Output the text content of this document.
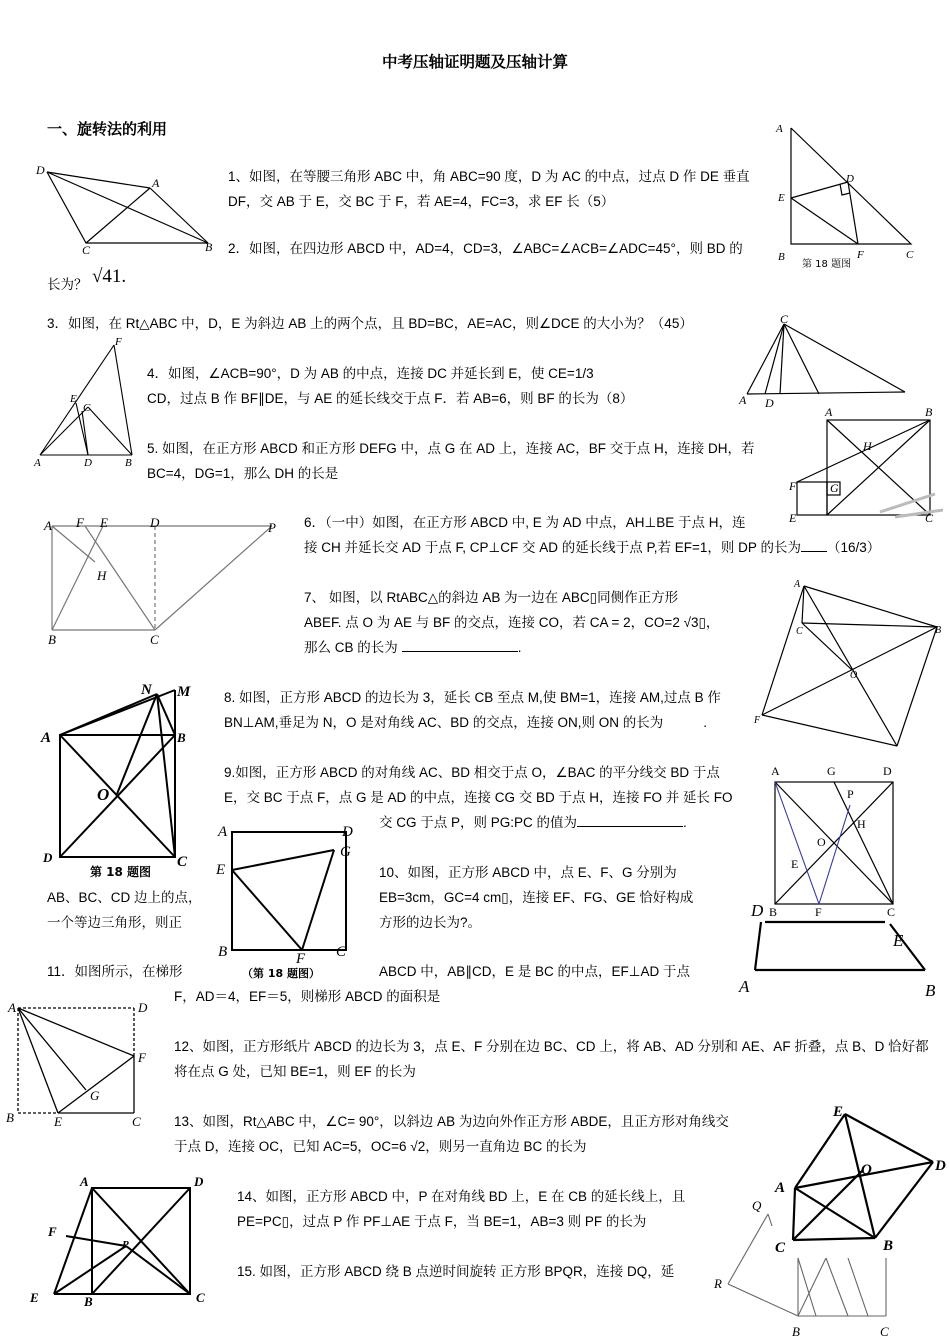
中考压轴证明题及压轴计算
一、旋转法的利用
1、如图，在等腰三角形 ABC 中，角 ABC=90 度，D 为 AC 的中点，过点 D 作 DE 垂直
DF，交 AB 于 E，交 BC 于 F，若 AE=4，FC=3，求 EF 长（5）
2．如图，在四边形 ABCD 中，AD=4，CD=3，∠ABC=∠ACB=∠ADC=45°，则 BD 的
长为？ √41.
3．如图，在 Rt△ABC 中，D，E 为斜边 AB 上的两个点，且 BD=BC，AE=AC，则∠DCE 的大小为？（45）
4．如图，∠ACB=90°，D 为 AB 的中点，连接 DC 并延长到 E，使 CE=1/3
CD，过点 B 作 BF∥DE，与 AE 的延长线交于点 F．若 AB=6，则 BF 的长为（8）
5. 如图，在正方形 ABCD 和正方形 DEFG 中，点 G 在 AD 上，连接 AC，BF 交于点 H，连接 DH，若
BC=4，DG=1，那么 DH 的长是
6．（一中）如图，在正方形 ABCD 中, E 为 AD 中点，AH⊥BE 于点 H，连
接 CH 并延长交 AD 于点 F, CP⊥CF 交 AD 的延长线于点 P,若 EF=1，则 DP 的长为 （16/3）
7、 如图，以 RtABC△的斜边 AB 为一边在 ABC▯同侧作正方形
ABEF. 点 O 为 AE 与 BF 的交点，连接 CO，若 CA = 2，CO=2 √3▯，
那么 CB 的长为	.
8. 如图，正方形 ABCD 的边长为 3，延长 CB 至点 M,使 BM=1，连接 AM,过点 B 作
BN⊥AM,垂足为 N，O 是对角线 AC、BD 的交点，连接 ON,则 ON 的长为	.
9.如图，正方形 ABCD 的对角线 AC、BD 相交于点 O，∠BAC 的平分线交 BD 于点
E，交 BC 于点 F，点 G 是 AD 的中点，连接 CG 交 BD 于点 H，连接 FO 并 延长 FO
交 CG 于点 P，则 PG:PC 的值为	.
10、如图，正方形 ABCD 中，点 E、F、G 分别为
EB=3cm，GC=4 cm▯，连接 EF、FG、GE 恰好构成
方形的边长为?。
AB、BC、CD 边上的点，
一个等边三角形，则正
11．如图所示，在梯形	ABCD 中，AB∥CD，E 是 BC 的中点，EF⊥AD 于点
F，AD＝4，EF＝5，则梯形 ABCD 的面积是
12、如图，正方形纸片 ABCD 的边长为 3，点 E、F 分别在边 BC、CD 上，将 AB、AD 分别和 AE、AF 折叠，点 B、D 恰好都
将在点 G 处，已知 BE=1，则 EF 的长为
13、如图，Rt△ABC 中，∠C= 90°，以斜边 AB 为边向外作正方形 ABDE，且正方形对角线交
于点 D，连接 OC，已知 AC=5，OC=6 √2，则另一直角边 BC 的长为
14、如图，正方形 ABCD 中，P 在对角线 BD 上，E 在 CB 的延长线上，且
PE=PC▯，过点 P 作 PF⊥AE 于点 F，当 BE=1，AB=3 则 PF 的长为
15. 如图，正方形 ABCD 绕 B 点逆时间旋转 正方形 BPQR，连接 DQ，延
D
A
C	B
A
E
D
B	F	C
第 18 题图
C
A D
F
E
C
A	D	B
A	B
H
F	G
E	C
A F E	D	P
H
B	C
A
C	B
O
F
N M
A	B
O
D	C
第 18 题图
A	G	D
P
H
O
E
B	F	C
A	D
G
E
B	F C
（第 18 题图）
D
E
A	B
A	D
F
G
B	E	C
E
O	D
A
C	B
A	D
F
P
E	B	C
Q
R
B	C
